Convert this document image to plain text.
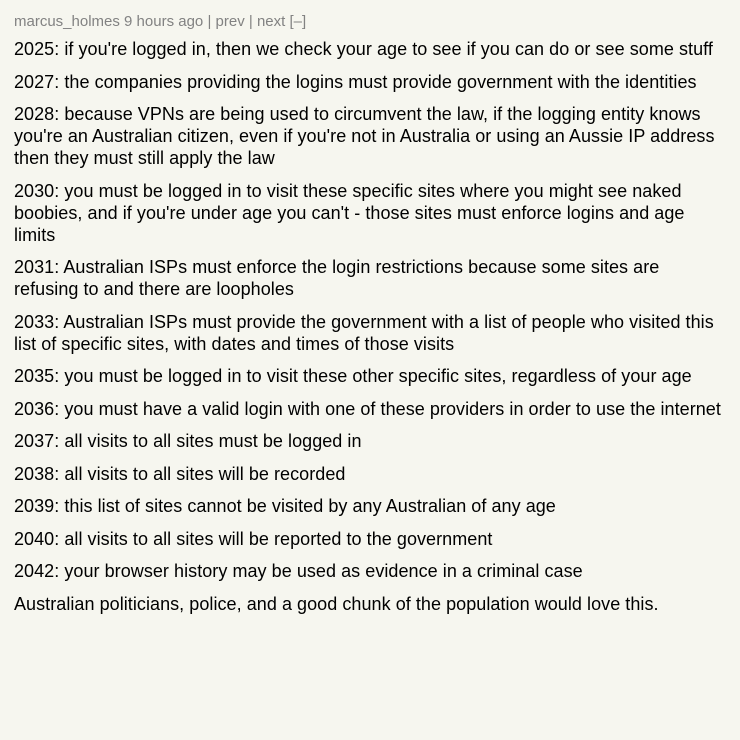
marcus_holmes 9 hours ago | prev | next [–]

2025: if you're logged in, then we check your age to see if you can do or see some stuff

2027: the companies providing the logins must provide government with the identities

2028: because VPNs are being used to circumvent the law, if the logging entity knows you're an Australian citizen, even if you're not in Australia or using an Aussie IP address then they must still apply the law

2030: you must be logged in to visit these specific sites where you might see naked boobies, and if you're under age you can't - those sites must enforce logins and age limits

2031: Australian ISPs must enforce the login restrictions because some sites are refusing to and there are loopholes

2033: Australian ISPs must provide the government with a list of people who visited this list of specific sites, with dates and times of those visits

2035: you must be logged in to visit these other specific sites, regardless of your age

2036: you must have a valid login with one of these providers in order to use the internet

2037: all visits to all sites must be logged in

2038: all visits to all sites will be recorded

2039: this list of sites cannot be visited by any Australian of any age

2040: all visits to all sites will be reported to the government

2042: your browser history may be used as evidence in a criminal case

Australian politicians, police, and a good chunk of the population would love this.
